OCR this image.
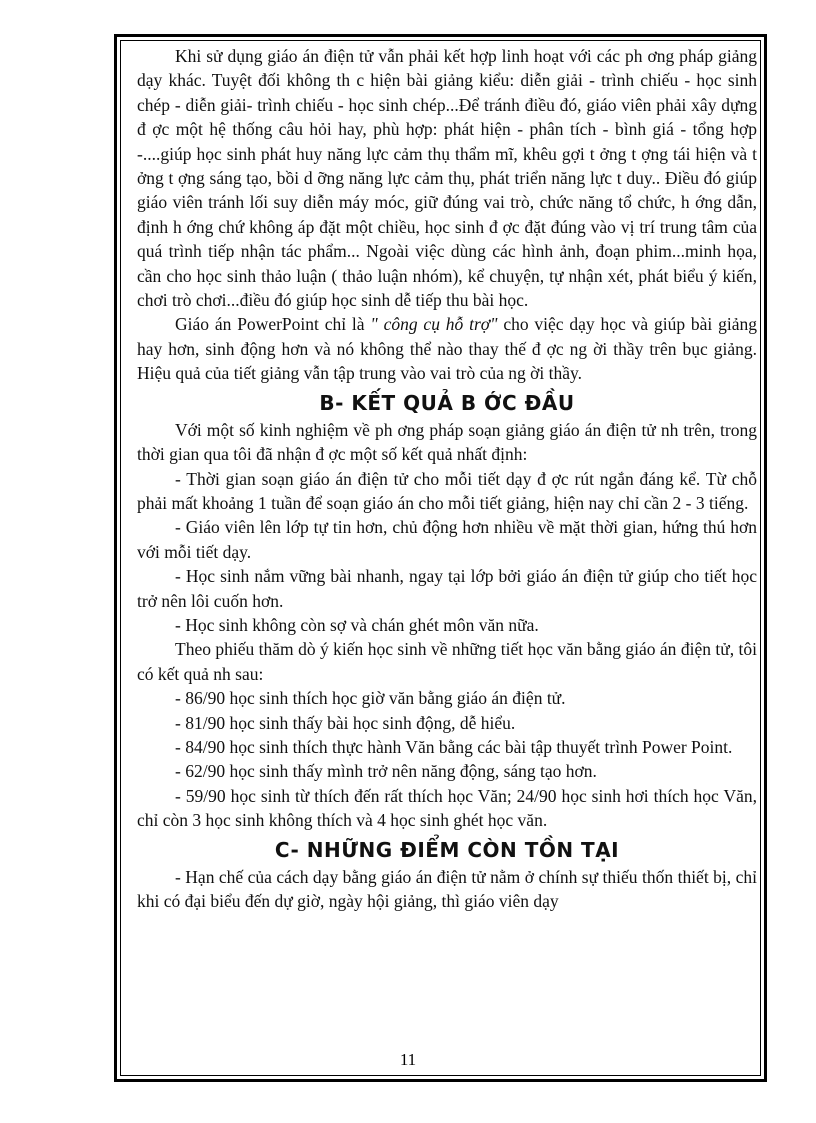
Khi sử dụng giáo án điện tử vẫn phải kết hợp linh hoạt với các ph ơng pháp giảng dạy khác. Tuyệt đối không th c hiện bài giảng kiểu: diễn giải - trình chiếu - học sinh chép - diễn giải- trình chiếu - học sinh chép...Để tránh điều đó, giáo viên phải xây dựng đ ợc một hệ thống câu hỏi hay, phù hợp: phát hiện - phân tích - bình giá - tổng hợp -....giúp học sinh phát huy năng lực cảm thụ thẩm mĩ, khêu gợi t ởng t ợng tái hiện và t ởng t ợng sáng tạo, bồi d ỡng năng lực cảm thụ, phát triển năng lực t duy.. Điều đó giúp giáo viên tránh lối suy diễn máy móc, giữ đúng vai trò, chức năng tổ chức, h ớng dẫn, định h ớng chứ không áp đặt một chiều, học sinh đ ợc đặt đúng vào vị trí trung tâm của quá trình tiếp nhận tác phẩm... Ngoài việc dùng các hình ảnh, đoạn phim...minh họa, cần cho học sinh thảo luận ( thảo luận nhóm), kể chuyện, tự nhận xét, phát biểu ý kiến, chơi trò chơi...điều đó giúp học sinh dễ tiếp thu bài học.

Giáo án PowerPoint chỉ là " công cụ hỗ trợ" cho việc dạy học và giúp bài giảng hay hơn, sinh động hơn và nó không thể nào thay thế đ ợc ng ời thầy trên bục giảng. Hiệu quả của tiết giảng vẫn tập trung vào vai trò của ng ời thầy.

B- KẾT QUẢ B ỚC ĐẦU

Với một số kinh nghiệm về ph ơng pháp soạn giảng giáo án điện tử nh trên, trong thời gian qua tôi đã nhận đ ợc một số kết quả nhất định:

- Thời gian soạn giáo án điện tử cho mỗi tiết dạy đ ợc rút ngắn đáng kể. Từ chỗ phải mất khoảng 1 tuần để soạn giáo án cho mỗi tiết giảng, hiện nay chỉ cần 2 - 3 tiếng.

- Giáo viên lên lớp tự tin hơn, chủ động hơn nhiều về mặt thời gian, hứng thú hơn với mỗi tiết dạy.

- Học sinh nắm vững bài nhanh, ngay tại lớp bởi giáo án điện tử giúp cho tiết học trở nên lôi cuốn hơn.

- Học sinh không còn sợ và chán ghét môn văn nữa.

Theo phiếu thăm dò ý kiến học sinh về những tiết học văn bằng giáo án điện tử, tôi có kết quả nh sau:

- 86/90 học sinh thích học giờ văn bằng giáo án điện tử.

- 81/90 học sinh thấy bài học sinh động, dễ hiểu.

- 84/90 học sinh thích thực hành Văn bằng các bài tập thuyết trình Power Point.

- 62/90 học sinh thấy mình trở nên năng động, sáng tạo hơn.

- 59/90 học sinh từ thích đến rất thích học Văn; 24/90 học sinh hơi thích học Văn, chỉ còn 3 học sinh không thích và 4 học sinh ghét học văn.

C- NHỮNG ĐIỂM CÒN TỒN TẠI

- Hạn chế của cách dạy bằng giáo án điện tử nằm ở chính sự thiếu thốn thiết bị, chỉ khi có đại biểu đến dự giờ, ngày hội giảng, thì giáo viên dạy

11
